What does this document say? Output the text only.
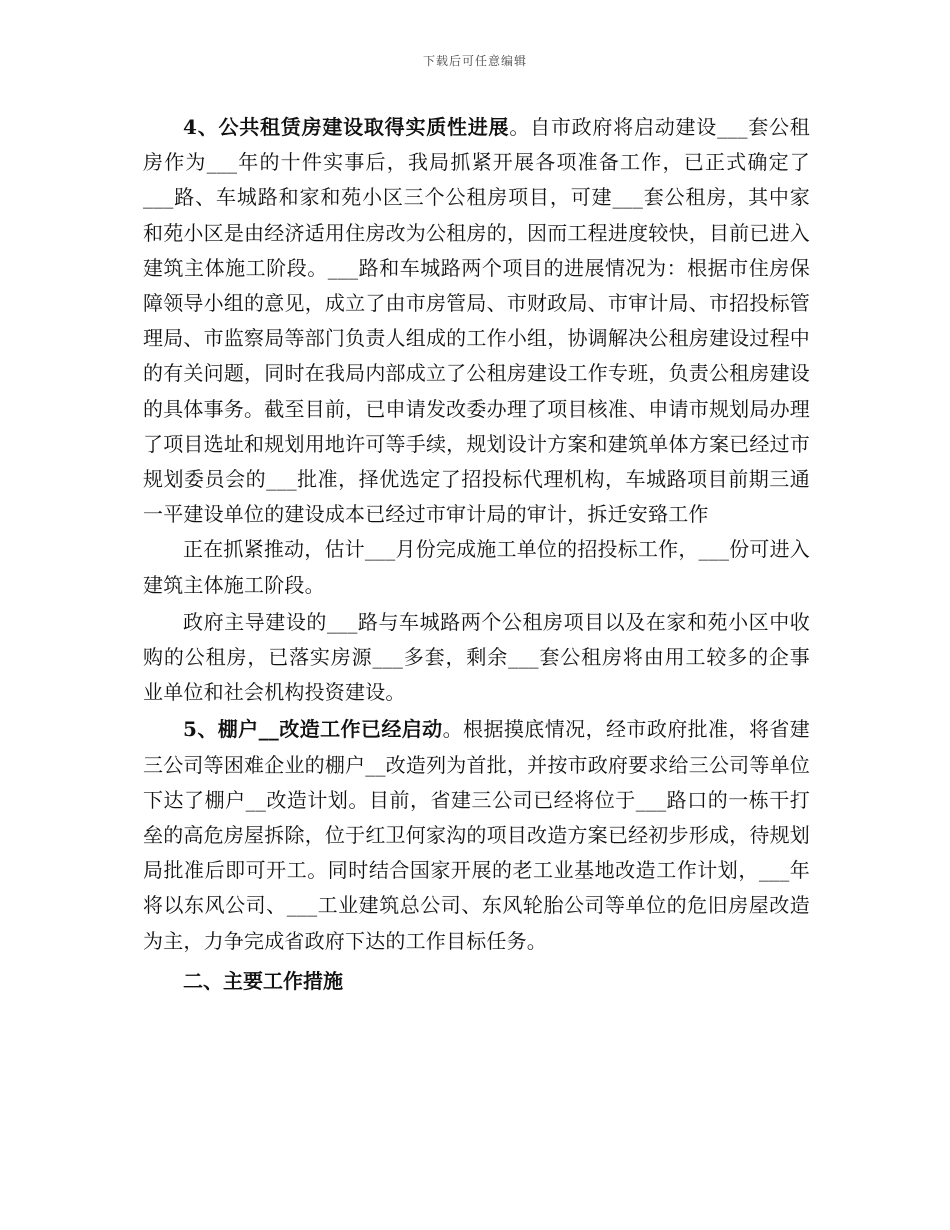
下载后可任意编辑

4、公共租赁房建设取得实质性进展。自市政府将启动建设___套公租房作为___年的十件实事后，我局抓紧开展各项准备工作，已正式确定了___路、车城路和家和苑小区三个公租房项目，可建___套公租房，其中家和苑小区是由经济适用住房改为公租房的，因而工程进度较快，目前已进入建筑主体施工阶段。___路和车城路两个项目的进展情况为：根据市住房保障领导小组的意见，成立了由市房管局、市财政局、市审计局、市招投标管理局、市监察局等部门负责人组成的工作小组，协调解决公租房建设过程中的有关问题，同时在我局内部成立了公租房建设工作专班，负责公租房建设的具体事务。截至目前，已申请发改委办理了项目核准、申请市规划局办理了项目选址和规划用地许可等手续，规划设计方案和建筑单体方案已经过市规划委员会的___批准，择优选定了招投标代理机构，车城路项目前期三通一平建设单位的建设成本已经过市审计局的审计，拆迁安臵工作

正在抓紧推动，估计___月份完成施工单位的招投标工作，___份可进入建筑主体施工阶段。

政府主导建设的___路与车城路两个公租房项目以及在家和苑小区中收购的公租房，已落实房源___多套，剩余___套公租房将由用工较多的企事业单位和社会机构投资建设。

5、棚户__改造工作已经启动。根据摸底情况，经市政府批准，将省建三公司等困难企业的棚户__改造列为首批，并按市政府要求给三公司等单位下达了棚户__改造计划。目前，省建三公司已经将位于___路口的一栋干打垒的高危房屋拆除，位于红卫何家沟的项目改造方案已经初步形成，待规划局批准后即可开工。同时结合国家开展的老工业基地改造工作计划，___年将以东风公司、___工业建筑总公司、东风轮胎公司等单位的危旧房屋改造为主，力争完成省政府下达的工作目标任务。

二、主要工作措施
